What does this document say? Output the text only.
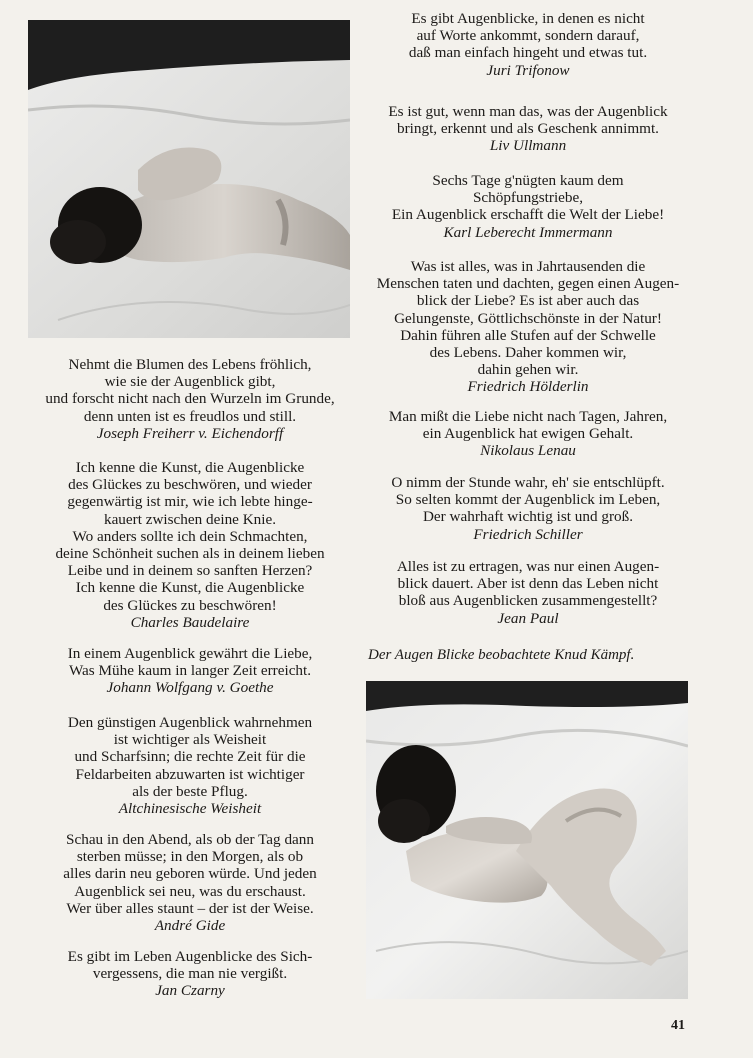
Nehmt die Blumen des Lebens fröhlich,
wie sie der Augenblick gibt,
und forscht nicht nach den Wurzeln im Grunde,
denn unten ist es freudlos und still.
Joseph Freiherr v. Eichendorff
Ich kenne die Kunst, die Augenblicke
des Glückes zu beschwören, und wieder
gegenwärtig ist mir, wie ich lebte hinge-
kauert zwischen deine Knie.
Wo anders sollte ich dein Schmachten,
deine Schönheit suchen als in deinem lieben
Leibe und in deinem so sanften Herzen?
Ich kenne die Kunst, die Augenblicke
des Glückes zu beschwören!
Charles Baudelaire
In einem Augenblick gewährt die Liebe,
Was Mühe kaum in langer Zeit erreicht.
Johann Wolfgang v. Goethe
Den günstigen Augenblick wahrnehmen
ist wichtiger als Weisheit
und Scharfsinn; die rechte Zeit für die
Feldarbeiten abzuwarten ist wichtiger
als der beste Pflug.
Altchinesische Weisheit
Schau in den Abend, als ob der Tag dann
sterben müsse; in den Morgen, als ob
alles darin neu geboren würde. Und jeden
Augenblick sei neu, was du erschaust.
Wer über alles staunt – der ist der Weise.
André Gide
Es gibt im Leben Augenblicke des Sich-
vergessens, die man nie vergißt.
Jan Czarny
Es gibt Augenblicke, in denen es nicht
auf Worte ankommt, sondern darauf,
daß man einfach hingeht und etwas tut.
Juri Trifonow
Es ist gut, wenn man das, was der Augenblick
bringt, erkennt und als Geschenk annimmt.
Liv Ullmann
Sechs Tage g'nügten kaum dem
Schöpfungstriebe,
Ein Augenblick erschafft die Welt der Liebe!
Karl Leberecht Immermann
Was ist alles, was in Jahrtausenden die
Menschen taten und dachten, gegen einen Augen-
blick der Liebe? Es ist aber auch das
Gelungenste, Göttlichschönste in der Natur!
Dahin führen alle Stufen auf der Schwelle
des Lebens. Daher kommen wir,
dahin gehen wir.
Friedrich Hölderlin
Man mißt die Liebe nicht nach Tagen, Jahren,
ein Augenblick hat ewigen Gehalt.
Nikolaus Lenau
O nimm der Stunde wahr, eh' sie entschlüpft.
So selten kommt der Augenblick im Leben,
Der wahrhaft wichtig ist und groß.
Friedrich Schiller
Alles ist zu ertragen, was nur einen Augen-
blick dauert. Aber ist denn das Leben nicht
bloß aus Augenblicken zusammengestellt?
Jean Paul
Der Augen Blicke beobachtete Knud Kämpf.
41
